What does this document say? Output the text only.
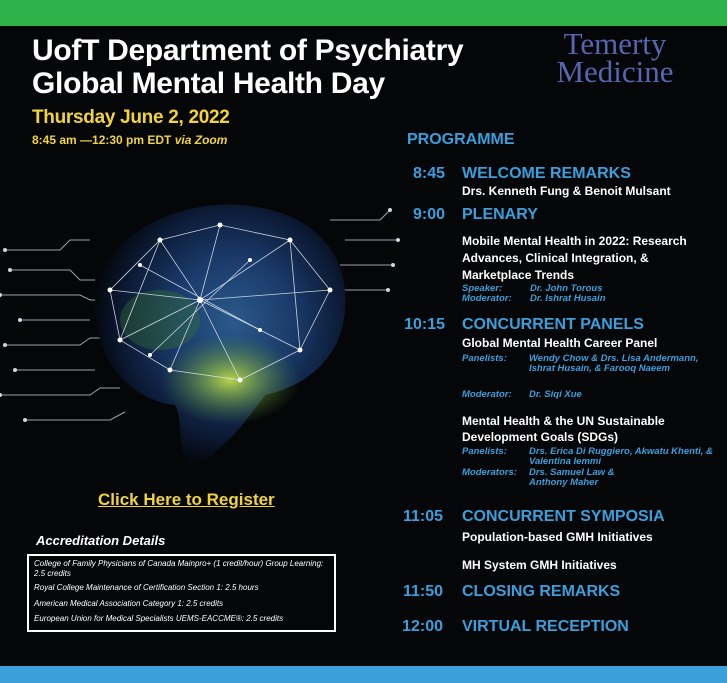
UofT Department of Psychiatry
Global Mental Health Day
Temerty
Medicine
Thursday June 2, 2022
8:45 am —12:30 pm EDT via Zoom
Click Here to Register
Accreditation Details
College of Family Physicians of Canada Mainpro+ (1 credit/hour) Group Learning: 2.5 credits
Royal College Maintenance of Certification Section 1: 2.5 hours
American Medical Association Category 1: 2.5 credits
European Union for Medical Specialists UEMS-EACCME®: 2.5 credits
PROGRAMME
8:45 WELCOME REMARKS
Drs. Kenneth Fung & Benoit Mulsant
9:00 PLENARY
Mobile Mental Health in 2022: Research Advances, Clinical Integration, & Marketplace Trends
Speaker:	Dr. John Torous
Moderator: Dr. Ishrat Husain
10:15 CONCURRENT PANELS
Global Mental Health Career Panel
Panelists:	Wendy Chow & Drs. Lisa Andermann, Ishrat Husain, & Farooq Naeem
Moderator: Dr. Siqi Xue
Mental Health & the UN Sustainable Development Goals (SDGs)
Panelists:	Drs. Erica Di Ruggiero, Akwatu Khenti, & Valentina Iemmi
Moderators:	Drs. Samuel Law & Anthony Maher
11:05 CONCURRENT SYMPOSIA
Population-based GMH Initiatives
MH System GMH Initiatives
11:50 CLOSING REMARKS
12:00 VIRTUAL RECEPTION
